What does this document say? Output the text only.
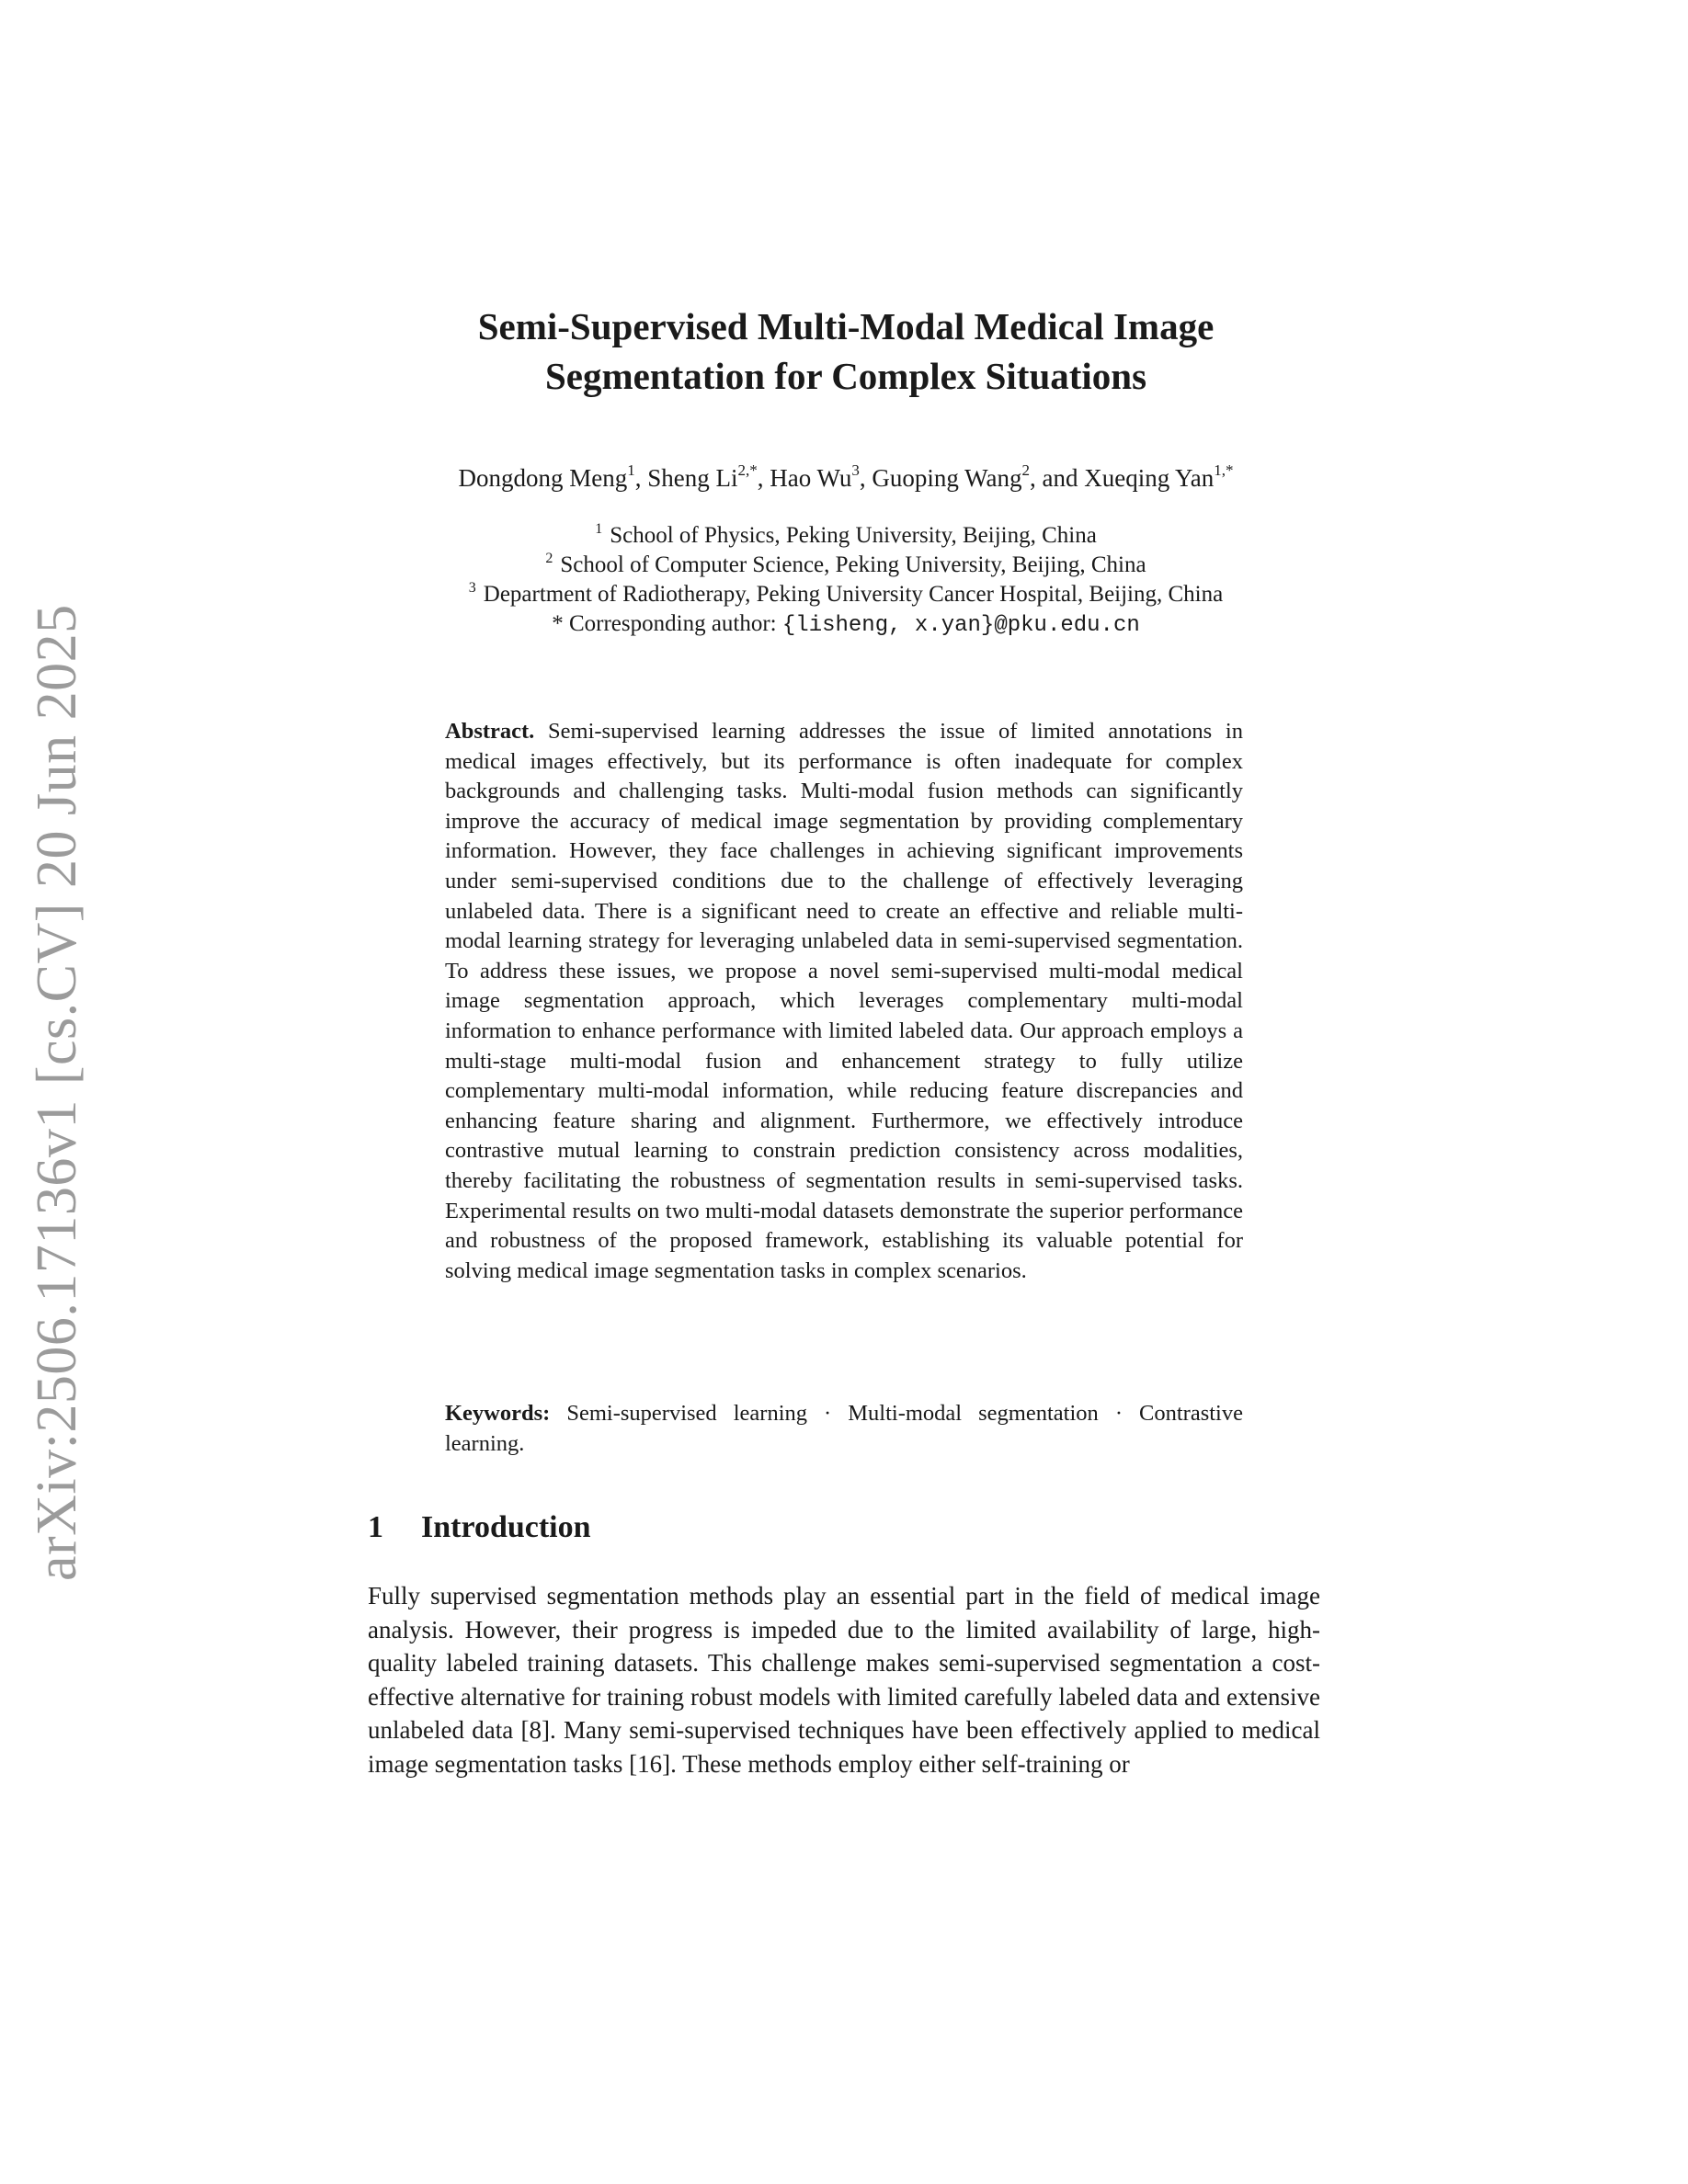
arXiv:2506.17136v1 [cs.CV] 20 Jun 2025
Semi-Supervised Multi-Modal Medical Image
Segmentation for Complex Situations
Dongdong Meng$^1$, Sheng $Li^{2,*}$, Hao Wu$^3$, Guoping Wang$^2$, and Xueqing Yan$^{1,*}$
$^1$ School of Physics, Peking University, Beijing, China
$^2$ School of Computer Science, Peking University, Beijing, China
$^3$ Department of Radiotherapy, Peking University Cancer Hospital, Beijing, China
* Corresponding author: {lisheng, x.yan}@pku.edu.cn
Abstract. Semi-supervised learning addresses the issue of limited annotations in medical images effectively, but its performance is often inadequate for complex backgrounds and challenging tasks. Multi-modal fusion methods can significantly improve the accuracy of medical image segmentation by providing complementary information. However, they face challenges in achieving significant improvements under semi-supervised conditions due to the challenge of effectively leveraging unlabeled data. There is a significant need to create an effective and reliable multi-modal learning strategy for leveraging unlabeled data in semi-supervised segmentation. To address these issues, we propose a novel semi-supervised multi-modal medical image segmentation approach, which leverages complementary multi-modal information to enhance performance with limited labeled data. Our approach employs a multi-stage multi-modal fusion and enhancement strategy to fully utilize complementary multi-modal information, while reducing feature discrepancies and enhancing feature sharing and alignment. Furthermore, we effectively introduce contrastive mutual learning to constrain prediction consistency across modalities, thereby facilitating the robustness of segmentation results in semi-supervised tasks. Experimental results on two multi-modal datasets demonstrate the superior performance and robustness of the proposed framework, establishing its valuable potential for solving medical image segmentation tasks in complex scenarios.
Keywords: Semi-supervised learning · Multi-modal segmentation · Contrastive learning.
1 Introduction
Fully supervised segmentation methods play an essential part in the field of medical image analysis. However, their progress is impeded due to the limited availability of large, high-quality labeled training datasets. This challenge makes semi-supervised segmentation a cost-effective alternative for training robust models with limited carefully labeled data and extensive unlabeled data [8]. Many semi-supervised techniques have been effectively applied to medical image segmentation tasks [16]. These methods employ either self-training or
